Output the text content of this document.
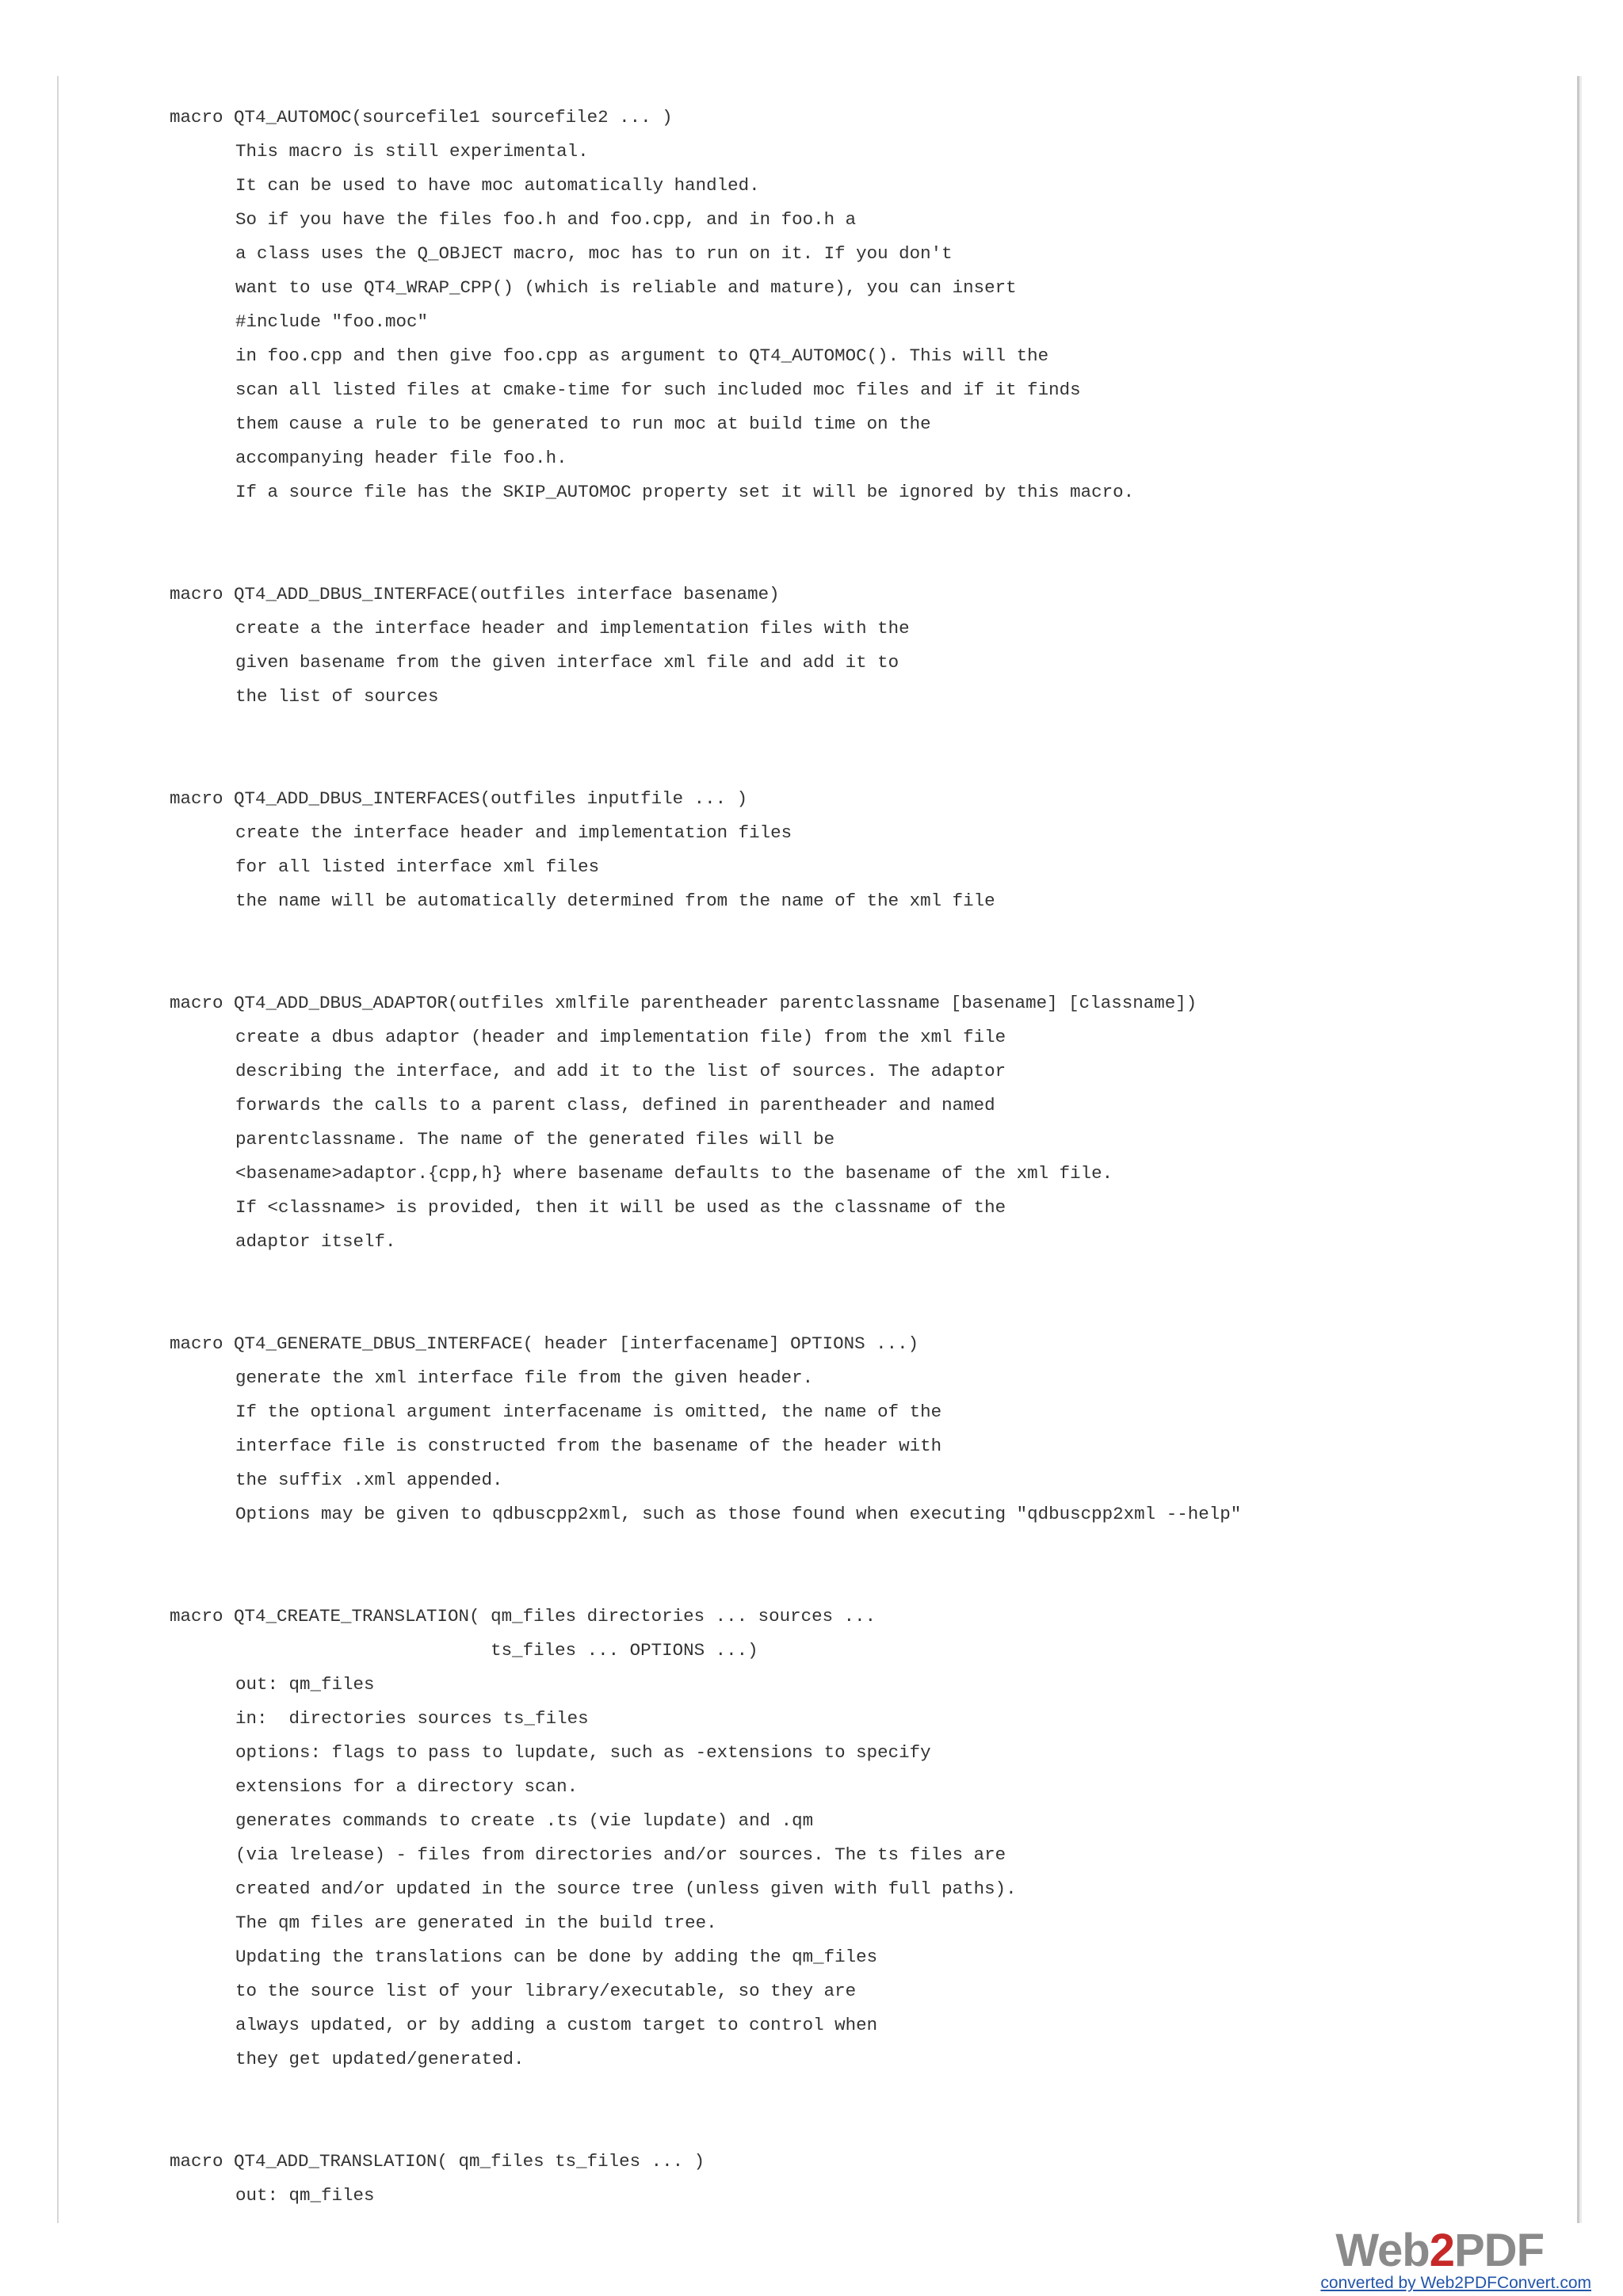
macro QT4_AUTOMOC(sourcefile1 sourcefile2 ... )
This macro is still experimental.
It can be used to have moc automatically handled.
So if you have the files foo.h and foo.cpp, and in foo.h a
a class uses the Q_OBJECT macro, moc has to run on it. If you don't
want to use QT4_WRAP_CPP() (which is reliable and mature), you can insert
#include "foo.moc"
in foo.cpp and then give foo.cpp as argument to QT4_AUTOMOC(). This will the
scan all listed files at cmake-time for such included moc files and if it finds
them cause a rule to be generated to run moc at build time on the
accompanying header file foo.h.
If a source file has the SKIP_AUTOMOC property set it will be ignored by this macro.
macro QT4_ADD_DBUS_INTERFACE(outfiles interface basename)
create a the interface header and implementation files with the
given basename from the given interface xml file and add it to
the list of sources
macro QT4_ADD_DBUS_INTERFACES(outfiles inputfile ... )
create the interface header and implementation files
for all listed interface xml files
the name will be automatically determined from the name of the xml file
macro QT4_ADD_DBUS_ADAPTOR(outfiles xmlfile parentheader parentclassname [basename] [classname])
create a dbus adaptor (header and implementation file) from the xml file
describing the interface, and add it to the list of sources. The adaptor
forwards the calls to a parent class, defined in parentheader and named
parentclassname. The name of the generated files will be
<basename>adaptor.{cpp,h} where basename defaults to the basename of the xml file.
If <classname> is provided, then it will be used as the classname of the
adaptor itself.
macro QT4_GENERATE_DBUS_INTERFACE( header [interfacename] OPTIONS ...)
generate the xml interface file from the given header.
If the optional argument interfacename is omitted, the name of the
interface file is constructed from the basename of the header with
the suffix .xml appended.
Options may be given to qdbuscpp2xml, such as those found when executing "qdbuscpp2xml --help"
macro QT4_CREATE_TRANSLATION( qm_files directories ... sources ...
ts_files ... OPTIONS ...)
out: qm_files
in:  directories sources ts_files
options: flags to pass to lupdate, such as -extensions to specify
extensions for a directory scan.
generates commands to create .ts (vie lupdate) and .qm
(via lrelease) - files from directories and/or sources. The ts files are
created and/or updated in the source tree (unless given with full paths).
The qm files are generated in the build tree.
Updating the translations can be done by adding the qm_files
to the source list of your library/executable, so they are
always updated, or by adding a custom target to control when
they get updated/generated.
macro QT4_ADD_TRANSLATION( qm_files ts_files ... )
out: qm_files
Web2PDF
converted by Web2PDFConvert.com
